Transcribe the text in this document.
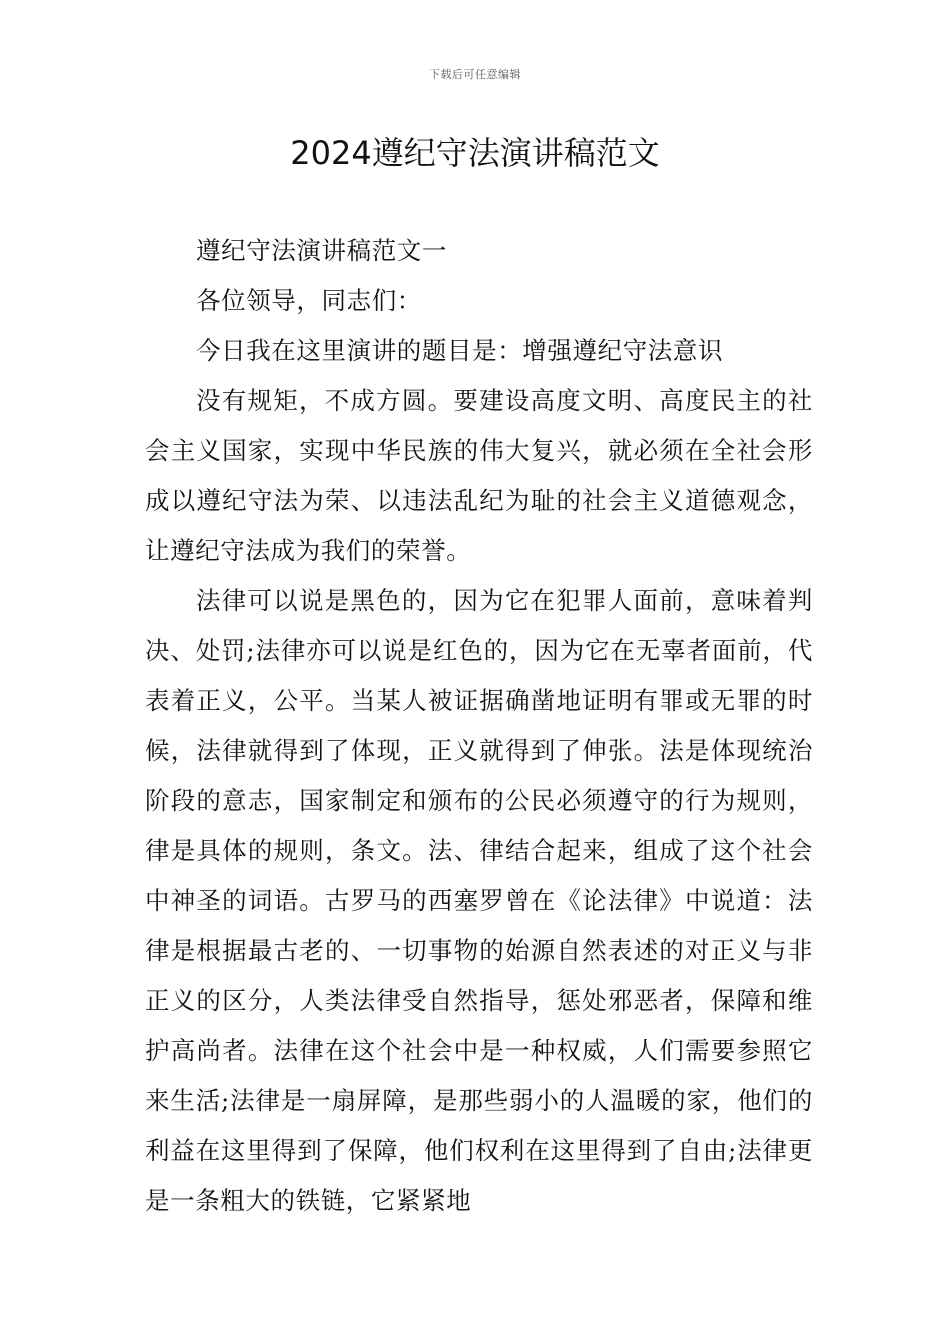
下载后可任意编辑
2024遵纪守法演讲稿范文

遵纪守法演讲稿范文一

各位领导，同志们：

今日我在这里演讲的题目是：增强遵纪守法意识

没有规矩，不成方圆。要建设高度文明、高度民主的社会主义国家，实现中华民族的伟大复兴，就必须在全社会形成以遵纪守法为荣、以违法乱纪为耻的社会主义道德观念，让遵纪守法成为我们的荣誉。

法律可以说是黑色的，因为它在犯罪人面前，意味着判决、处罚;法律亦可以说是红色的，因为它在无辜者面前，代表着正义，公平。当某人被证据确凿地证明有罪或无罪的时候，法律就得到了体现，正义就得到了伸张。法是体现统治阶段的意志，国家制定和颁布的公民必须遵守的行为规则，律是具体的规则，条文。法、律结合起来，组成了这个社会中神圣的词语。古罗马的西塞罗曾在《论法律》中说道：法律是根据最古老的、一切事物的始源自然表述的对正义与非正义的区分，人类法律受自然指导，惩处邪恶者，保障和维护高尚者。法律在这个社会中是一种权威，人们需要参照它来生活;法律是一扇屏障，是那些弱小的人温暖的家，他们的利益在这里得到了保障，他们权利在这里得到了自由;法律更是一条粗大的铁链，它紧紧地
